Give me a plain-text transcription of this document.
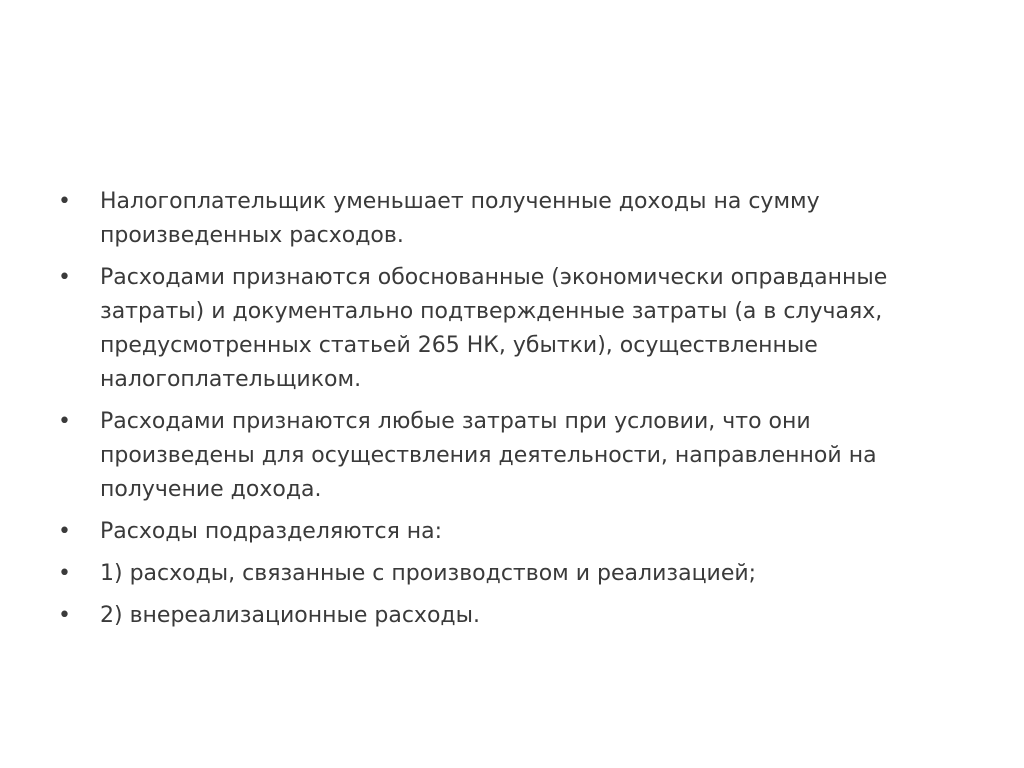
•	Налогоплательщик уменьшает полученные доходы на сумму
произведенных расходов.
•	Расходами признаются обоснованные (экономически оправданные
затраты) и документально подтвержденные затраты (а в случаях,
предусмотренных статьей 265 НК, убытки), осуществленные
налогоплательщиком.
•	Расходами признаются любые затраты при условии, что они
произведены для осуществления деятельности, направленной на
получение дохода.
•	Расходы подразделяются на:
•	1) расходы, связанные с производством и реализацией;
•	2) внереализационные расходы.
